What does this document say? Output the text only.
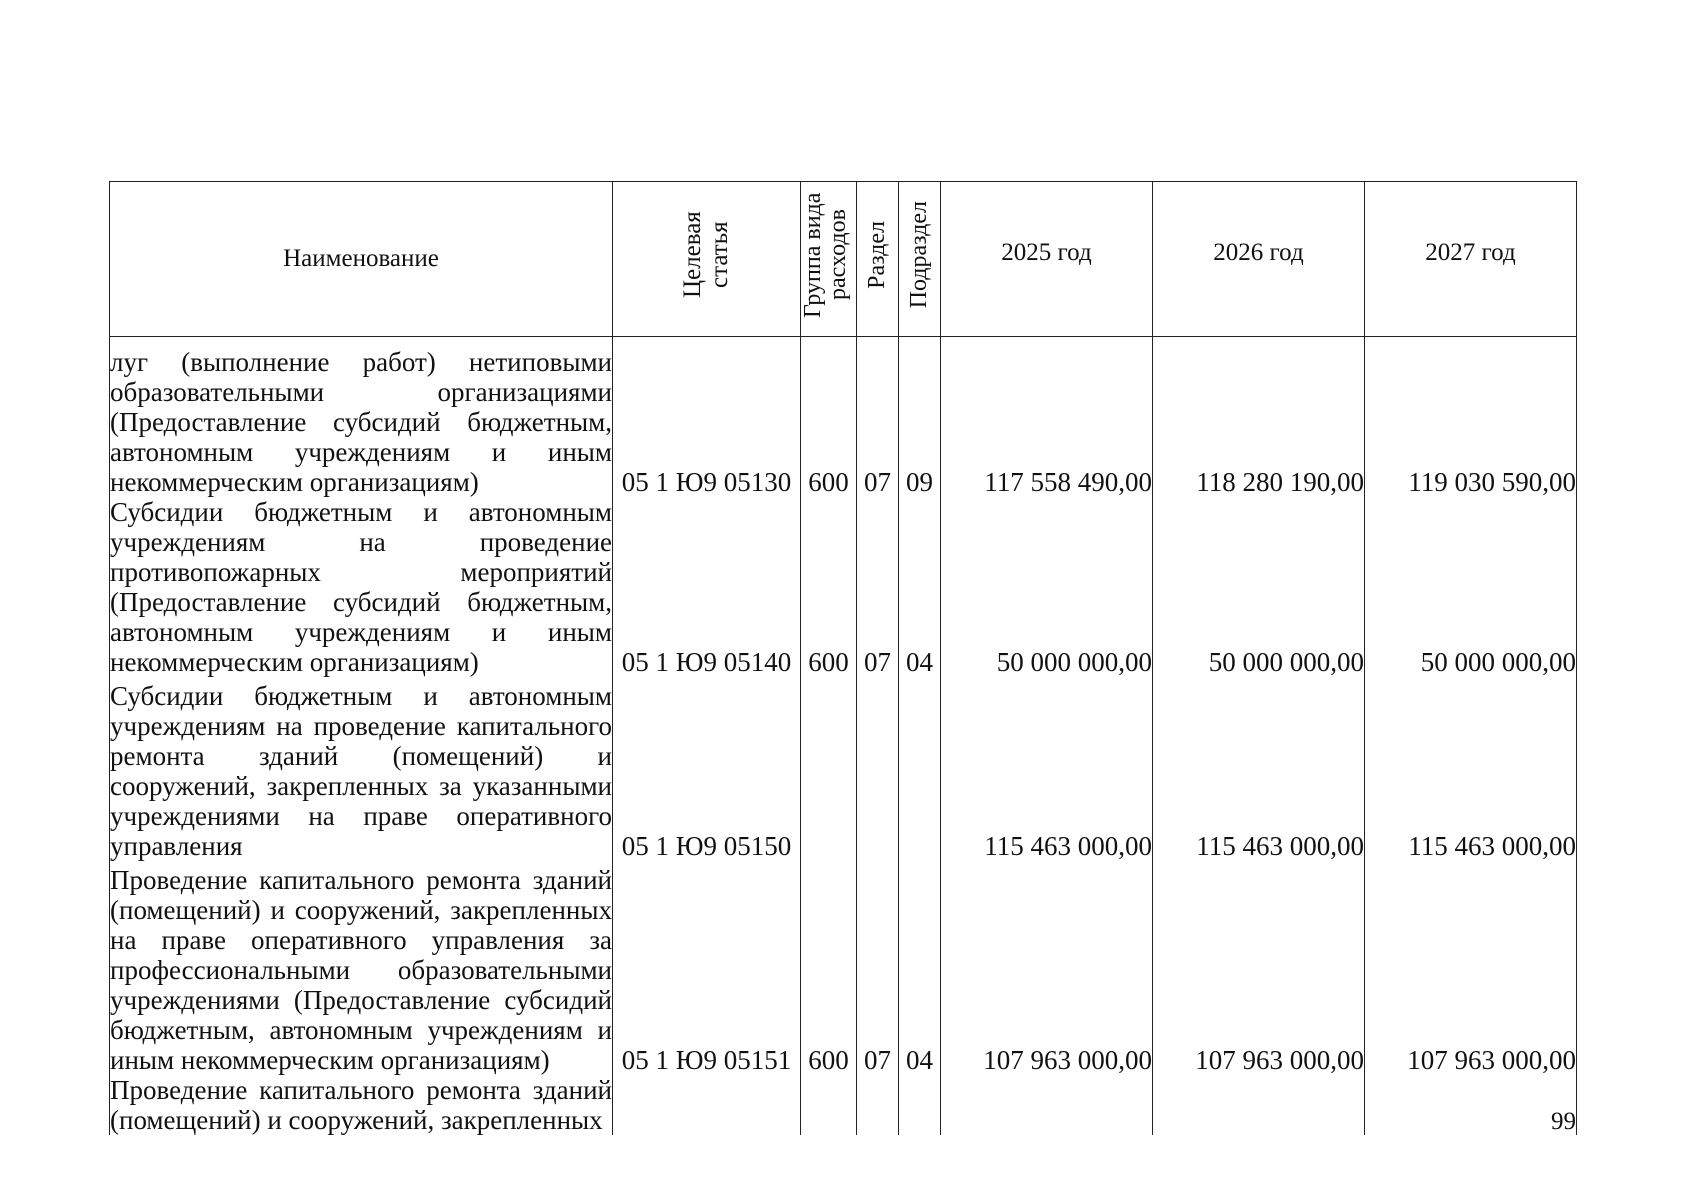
Наименование	Целевая статья	Группа вида расходов	Раздел	Подраздел	2025 год	2026 год	2027 год
луг (выполнение работ) нетиповыми образовательными организациями (Предоставление субсидий бюджетным, автономным учреждениям и иным некоммерческим организациям)	05 1 Ю9 05130	600	07	09	117 558 490,00	118 280 190,00	119 030 590,00
Субсидии бюджетным и автономным учреждениям на проведение противопожарных мероприятий (Предоставление субсидий бюджетным, автономным учреждениям и иным некоммерческим организациям)	05 1 Ю9 05140	600	07	04	50 000 000,00	50 000 000,00	50 000 000,00
Субсидии бюджетным и автономным учреждениям на проведение капитального ремонта зданий (помещений) и сооружений, закрепленных за указанными учреждениями на праве оперативного управления	05 1 Ю9 05150				115 463 000,00	115 463 000,00	115 463 000,00
Проведение капитального ремонта зданий (помещений) и сооружений, закрепленных на праве оперативного управления за профессиональными образовательными учреждениями (Предоставление субсидий бюджетным, автономным учреждениям и иным некоммерческим организациям)	05 1 Ю9 05151	600	07	04	107 963 000,00	107 963 000,00	107 963 000,00
Проведение капитального ремонта зданий (помещений) и сооружений, закрепленных								99
